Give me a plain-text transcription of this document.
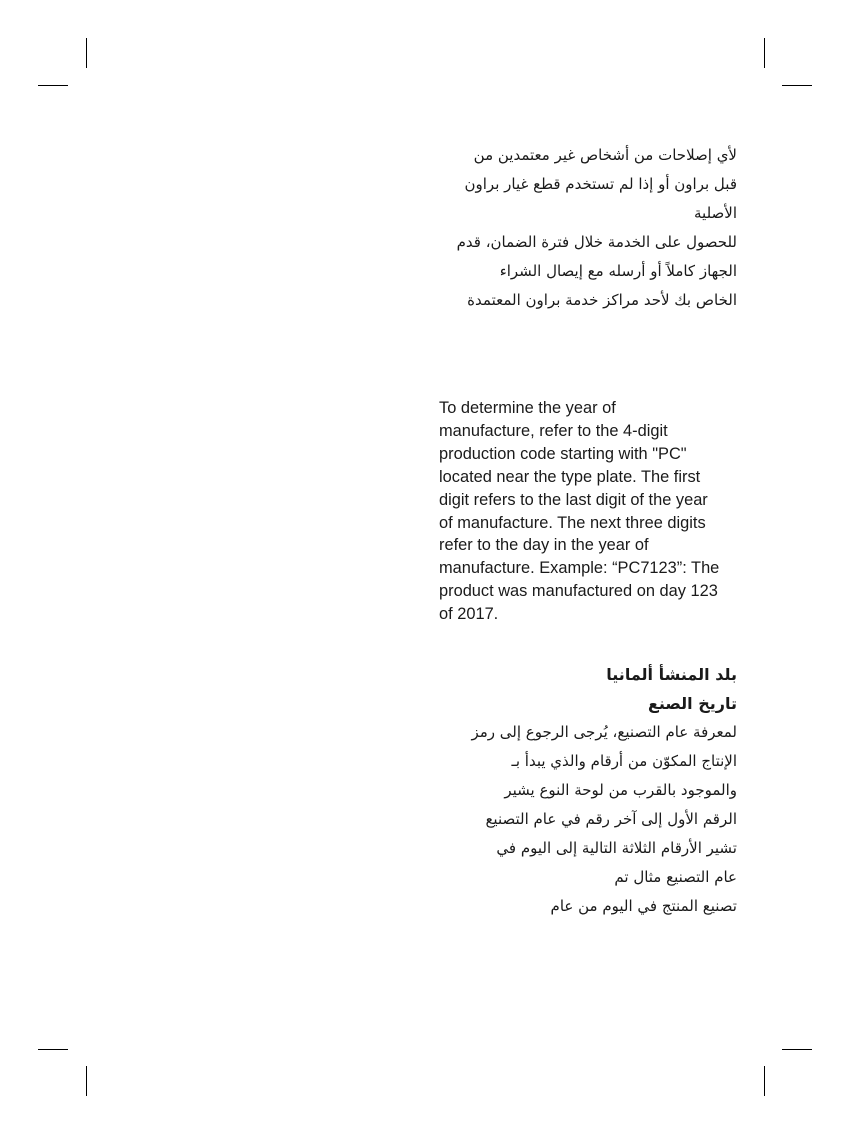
لأي إصلاحات من أشخاص غير معتمدين من
قبل براون أو إذا لم تستخدم قطع غيار براون
الأصلية
للحصول على الخدمة خلال فترة الضمان، قدم
الجهاز كاملاً أو أرسله مع إيصال الشراء
الخاص بك لأحد مراكز خدمة براون المعتمدة
To determine the year of
manufacture, refer to the 4-digit
production code starting with "PC"
located near the type plate. The first
digit refers to the last digit of the year
of manufacture. The next three digits
refer to the day in the year of
manufacture. Example: “PC7123”: The
product was manufactured on day 123
of 2017.
بلد المنشأ ألمانيا
تاريخ الصنع
لمعرفة عام التصنيع، يُرجى الرجوع إلى رمز
الإنتاج المكوّن من أرقام والذي يبدأ بـ
والموجود بالقرب من لوحة النوع يشير
الرقم الأول إلى آخر رقم في عام التصنيع
تشير الأرقام الثلاثة التالية إلى اليوم في
عام التصنيع مثال تم
تصنيع المنتج في اليوم من عام
